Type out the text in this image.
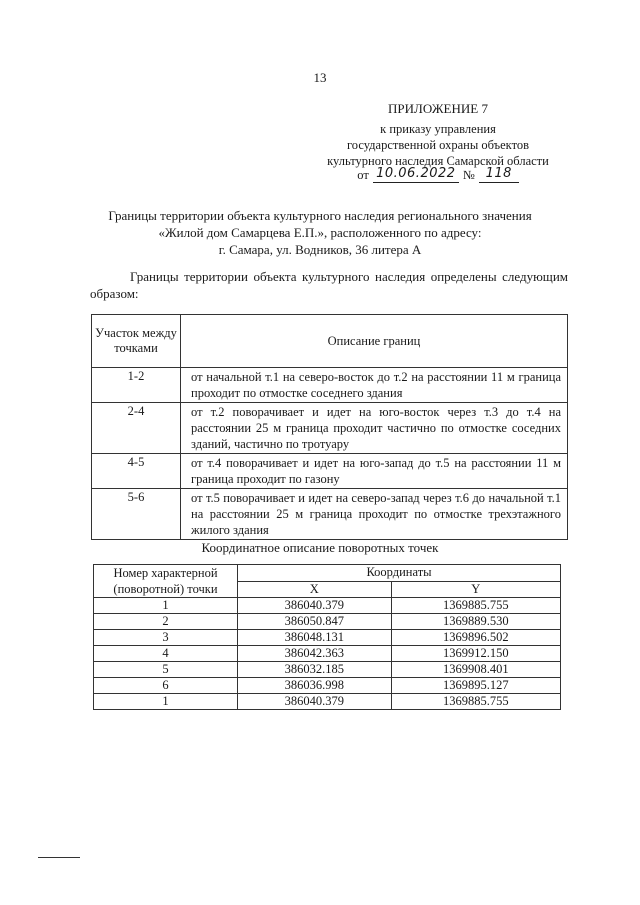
13
ПРИЛОЖЕНИЕ 7
к приказу управления
государственной охраны объектов
культурного наследия Самарской области
от 10.06.2022 № 118
Границы территории объекта культурного наследия регионального значения
«Жилой дом Самарцева Е.П.», расположенного по адресу:
г. Самара, ул. Водников, 36 литера А
Границы территории объекта культурного наследия определены следующим образом:
Участок между точками	Описание границ
1-2	от начальной т.1 на северо-восток до т.2 на расстоянии 11 м граница проходит по отмостке соседнего здания
2-4	от т.2 поворачивает и идет на юго-восток через т.3 до т.4 на расстоянии 25 м граница проходит частично по отмостке соседних зданий, частично по тротуару
4-5	от т.4 поворачивает и идет на юго-запад до т.5 на расстоянии 11 м граница проходит по газону
5-6	от т.5 поворачивает и идет на северо-запад через т.6 до начальной т.1 на расстоянии 25 м граница проходит по отмостке трехэтажного жилого здания
Координатное описание поворотных точек
Номер характерной (поворотной) точки	Координаты	
	X	Y
1	386040.379	1369885.755
2	386050.847	1369889.530
3	386048.131	1369896.502
4	386042.363	1369912.150
5	386032.185	1369908.401
6	386036.998	1369895.127
1	386040.379	1369885.755
